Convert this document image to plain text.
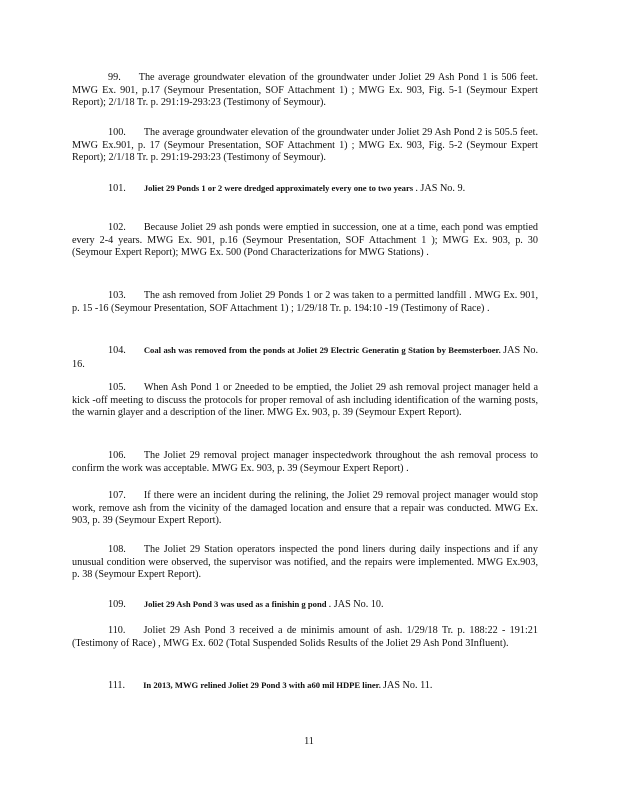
99. The average groundwater elevation of the groundwater under Joliet 29 Ash Pond 1 is 506 feet. MWG Ex. 901, p.17 (Seymour Presentation, SOF Attachment 1) ; MWG Ex. 903, Fig. 5-1 (Seymour Expert Report); 2/1/18 Tr. p. 291:19-293:23 (Testimony of Seymour).

100. The average groundwater elevation of the groundwater under Joliet 29 Ash Pond 2 is 505.5 feet. MWG Ex.901, p. 17 (Seymour Presentation, SOF Attachment 1) ; MWG Ex. 903, Fig. 5-2 (Seymour Expert Report); 2/1/18 Tr. p. 291:19-293:23 (Testimony of Seymour).

101. Joliet 29 Ponds 1 or 2 were dredged approximately every one to two years . JAS No. 9.

102. Because Joliet 29 ash ponds were emptied in succession, one at a time, each pond was emptied every 2-4 years. MWG Ex. 901, p.16 (Seymour Presentation, SOF Attachment 1 ); MWG Ex. 903, p. 30 (Seymour Expert Report); MWG Ex. 500 (Pond Characterizations for MWG Stations) .

103. The ash removed from Joliet 29 Ponds 1 or 2 was taken to a permitted landfill . MWG Ex. 901, p. 15 -16 (Seymour Presentation, SOF Attachment 1) ; 1/29/18 Tr. p. 194:10 -19 (Testimony of Race) .

104. Coal ash was removed from the ponds at Joliet 29 Electric Generatin g Station by Beemsterboer. JAS No. 16.

105. When Ash Pond 1 or 2needed to be emptied, the Joliet 29 ash removal project manager held a kick -off meeting to discuss the protocols for proper removal of ash including identification of the warning posts, the warnin glayer and a description of the liner. MWG Ex. 903, p. 39 (Seymour Expert Report).

106. The Joliet 29 removal project manager inspectedwork throughout the ash removal process to confirm the work was acceptable. MWG Ex. 903, p. 39 (Seymour Expert Report) .

107. If there were an incident during the relining, the Joliet 29 removal project manager would stop work, remove ash from the vicinity of the damaged location and ensure that a repair was conducted. MWG Ex. 903, p. 39 (Seymour Expert Report).

108. The Joliet 29 Station operators inspected the pond liners during daily inspections and if any unusual condition were observed, the supervisor was notified, and the repairs were implemented. MWG Ex.903, p. 38 (Seymour Expert Report).

109. Joliet 29 Ash Pond 3 was used as a finishin g pond . JAS No. 10.

110. Joliet 29 Ash Pond 3 received a de minimis amount of ash. 1/29/18 Tr. p. 188:22 - 191:21 (Testimony of Race) , MWG Ex. 602 (Total Suspended Solids Results of the Joliet 29 Ash Pond 3Influent).

111. In 2013, MWG relined Joliet 29 Pond 3 with a60 mil HDPE liner. JAS No. 11.

11
